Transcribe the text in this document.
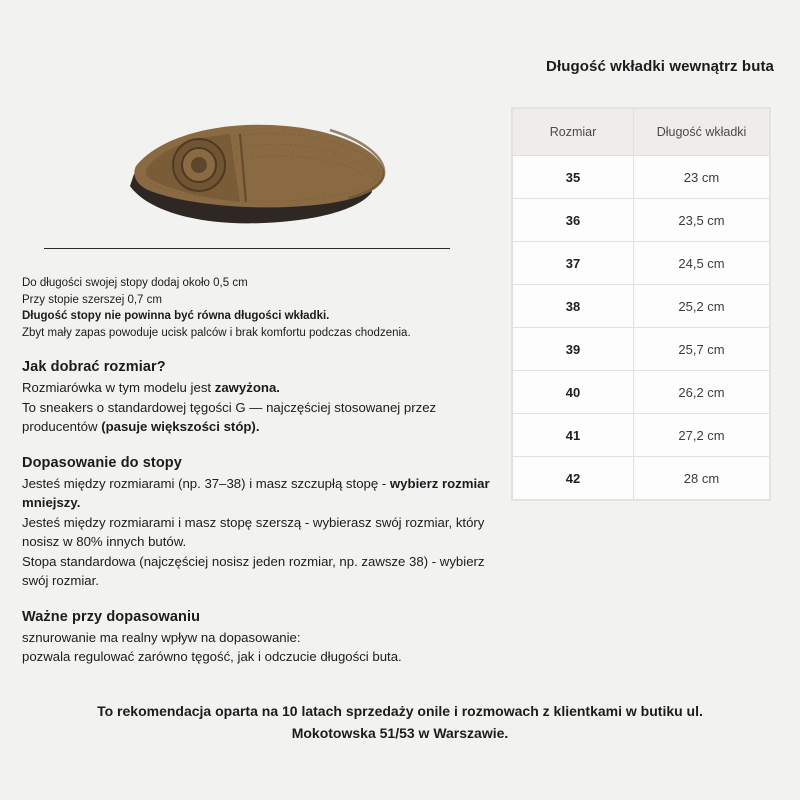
Długość wkładki wewnątrz buta
Rozmiar	Długość wkładki
35	23 cm
36	23,5 cm
37	24,5 cm
38	25,2 cm
39	25,7 cm
40	26,2 cm
41	27,2 cm
42	28 cm
Do długości swojej stopy dodaj około 0,5 cm
Przy stopie szerszej 0,7 cm
Długość stopy nie powinna być równa długości wkładki.
Zbyt mały zapas powoduje ucisk palców i brak komfortu podczas chodzenia.
Jak dobrać rozmiar?

Rozmiarówka w tym modelu jest zawyżona.

To sneakers o standardowej tęgości G — najczęściej stosowanej przez producentów (pasuje większości stóp).

Dopasowanie do stopy

Jesteś między rozmiarami (np. 37–38) i masz szczupłą stopę - wybierz rozmiar mniejszy.

Jesteś między rozmiarami i masz stopę szerszą - wybierasz swój rozmiar, który nosisz w 80% innych butów.

Stopa standardowa (najczęściej nosisz jeden rozmiar, np. zawsze 38) - wybierz swój rozmiar.

Ważne przy dopasowaniu

sznurowanie ma realny wpływ na dopasowanie:

pozwala regulować zarówno tęgość, jak i odczucie długości buta.

To rekomendacja oparta na 10 latach sprzedaży onile i rozmowach z klientkami w butiku ul.
Mokotowska 51/53 w Warszawie.
